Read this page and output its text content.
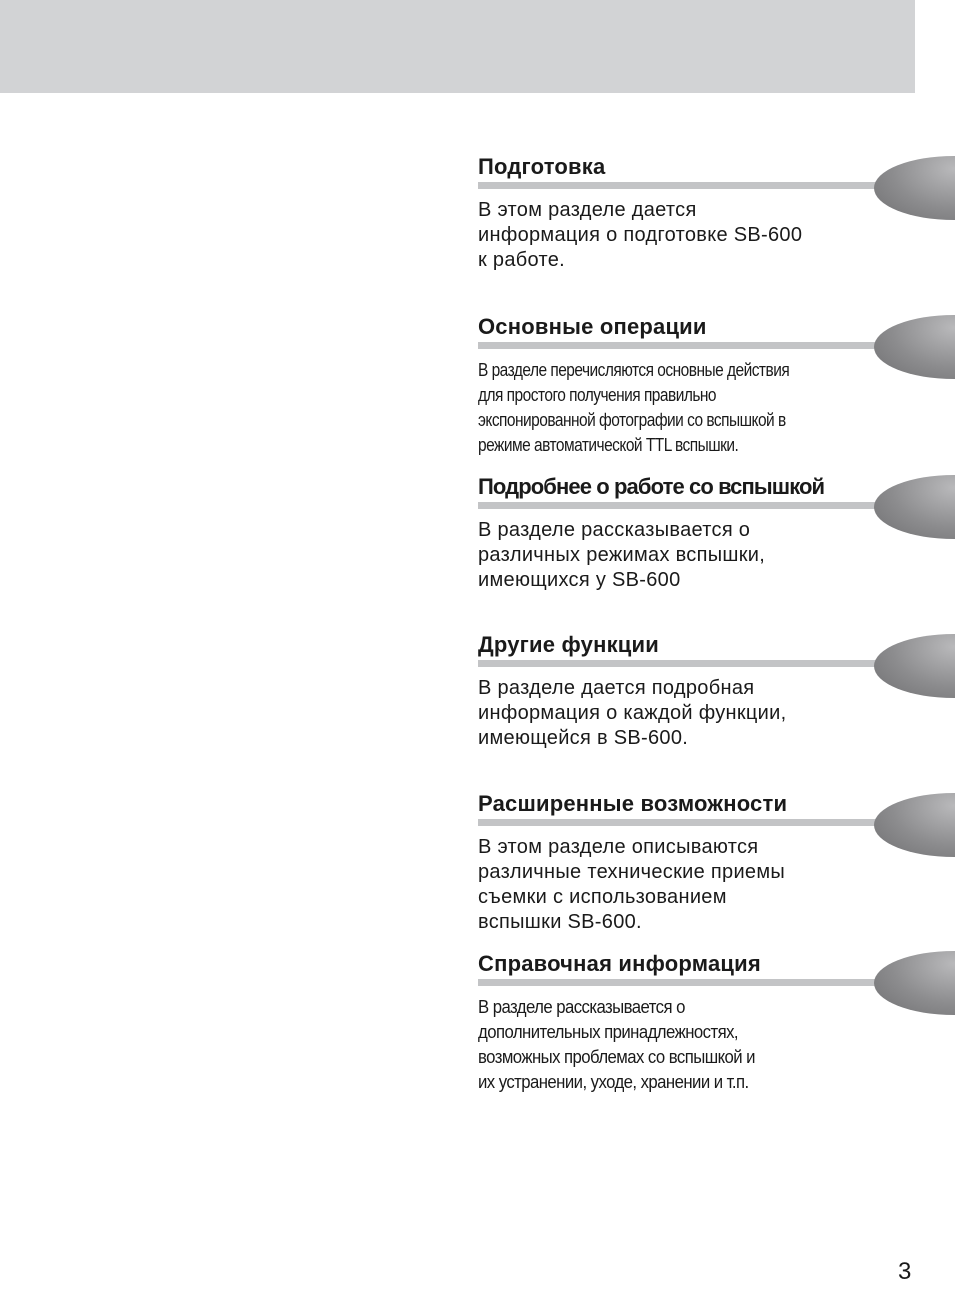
Подготовка

В этом разделе дается
информация о подготовке SB-600
к работе.

Основные операции

В разделе перечисляются основные действия
для простого получения правильно
экспонированной фотографии со вспышкой в
режиме автоматической TTL вспышки.

Подробнее о работе со вспышкой

В разделе рассказывается о
различных режимах вспышки,
имеющихся у SB-600

Другие функции

В разделе дается подробная
информация о каждой функции,
имеющейся в SB-600.

Расширенные возможности

В этом разделе описываются
различные технические приемы
съемки с использованием
вспышки SB-600.

Справочная информация

В разделе рассказывается о
дополнительных принадлежностях,
возможных проблемах со вспышкой и
их устранении, уходе, хранении и т.п.

3
